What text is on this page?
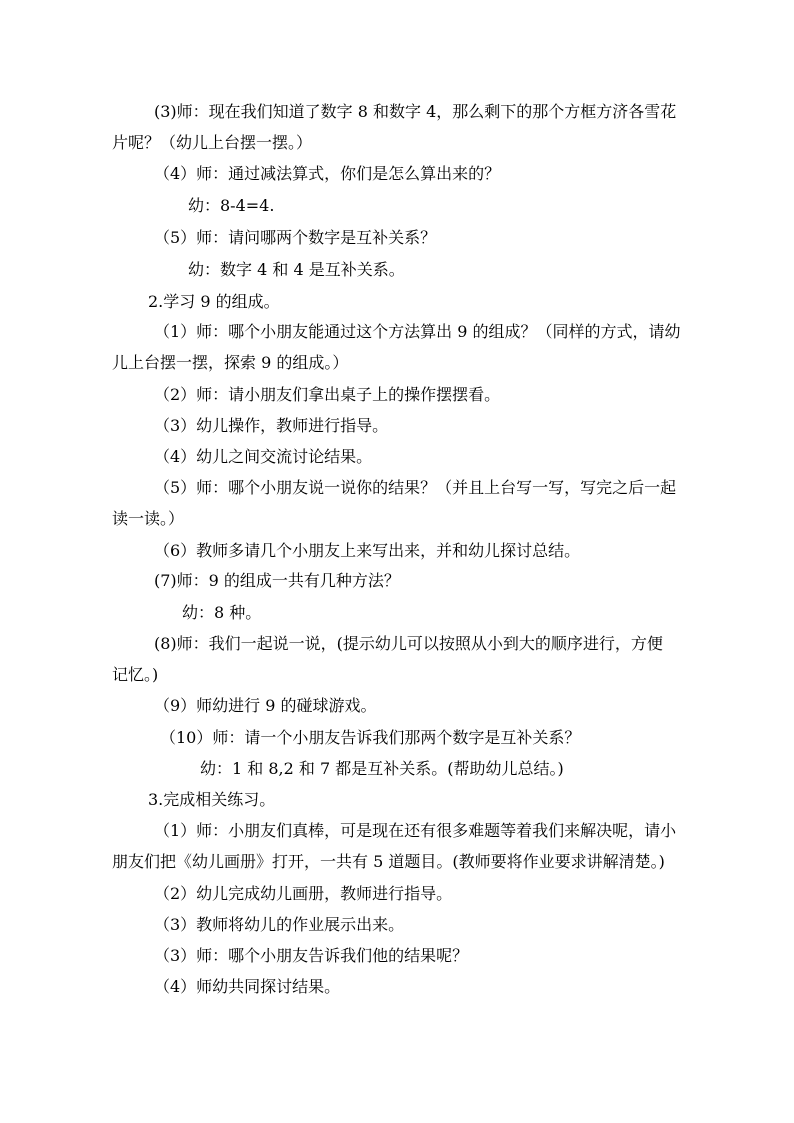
(3)师：现在我们知道了数字 8 和数字 4，那么剩下的那个方框方济各雪花
片呢？（幼儿上台摆一摆。）
（4）师：通过减法算式，你们是怎么算出来的？
幼：8-4=4.
（5）师：请问哪两个数字是互补关系？
幼：数字 4 和 4 是互补关系。
2.学习 9 的组成。
（1）师：哪个小朋友能通过这个方法算出 9 的组成？（同样的方式，请幼
儿上台摆一摆，探索 9 的组成。）
（2）师：请小朋友们拿出桌子上的操作摆摆看。
（3）幼儿操作，教师进行指导。
（4）幼儿之间交流讨论结果。
（5）师：哪个小朋友说一说你的结果？（并且上台写一写，写完之后一起
读一读。）
（6）教师多请几个小朋友上来写出来，并和幼儿探讨总结。
(7)师：9 的组成一共有几种方法？
幼：8 种。
(8)师：我们一起说一说，(提示幼儿可以按照从小到大的顺序进行，方便
记忆。)
（9）师幼进行 9 的碰球游戏。
（10）师：请一个小朋友告诉我们那两个数字是互补关系？
幼：1 和 8,2 和 7 都是互补关系。(帮助幼儿总结。)
3.完成相关练习。
（1）师：小朋友们真棒，可是现在还有很多难题等着我们来解决呢，请小
朋友们把《幼儿画册》打开，一共有 5 道题目。(教师要将作业要求讲解清楚。)
（2）幼儿完成幼儿画册，教师进行指导。
（3）教师将幼儿的作业展示出来。
（3）师：哪个小朋友告诉我们他的结果呢？
（4）师幼共同探讨结果。
